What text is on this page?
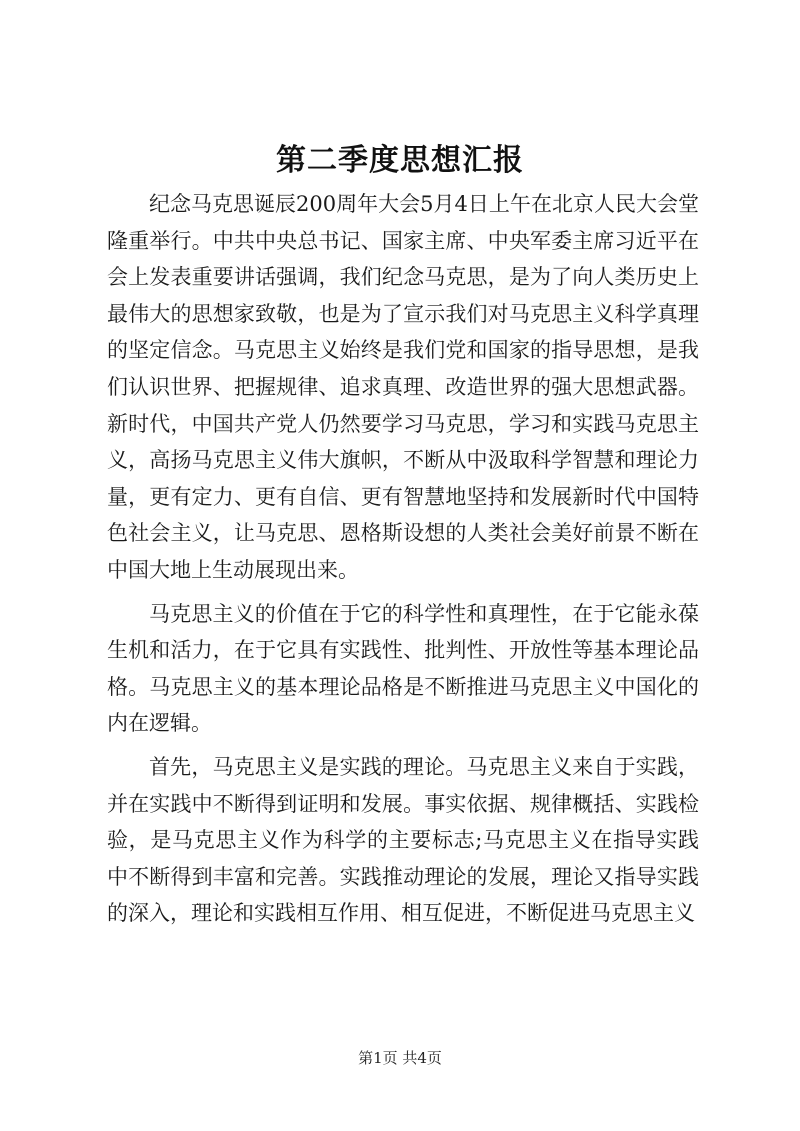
第二季度思想汇报

纪念马克思诞辰200周年大会5月4日上午在北京人民大会堂隆重举行。中共中央总书记、国家主席、中央军委主席习近平在会上发表重要讲话强调，我们纪念马克思，是为了向人类历史上最伟大的思想家致敬，也是为了宣示我们对马克思主义科学真理的坚定信念。马克思主义始终是我们党和国家的指导思想，是我们认识世界、把握规律、追求真理、改造世界的强大思想武器。新时代，中国共产党人仍然要学习马克思，学习和实践马克思主义，高扬马克思主义伟大旗帜，不断从中汲取科学智慧和理论力量，更有定力、更有自信、更有智慧地坚持和发展新时代中国特色社会主义，让马克思、恩格斯设想的人类社会美好前景不断在中国大地上生动展现出来。

马克思主义的价值在于它的科学性和真理性，在于它能永葆生机和活力，在于它具有实践性、批判性、开放性等基本理论品格。马克思主义的基本理论品格是不断推进马克思主义中国化的内在逻辑。

首先，马克思主义是实践的理论。马克思主义来自于实践，并在实践中不断得到证明和发展。事实依据、规律概括、实践检验，是马克思主义作为科学的主要标志;马克思主义在指导实践中不断得到丰富和完善。实践推动理论的发展，理论又指导实践的深入，理论和实践相互作用、相互促进，不断促进马克思主义

第1页 共4页
